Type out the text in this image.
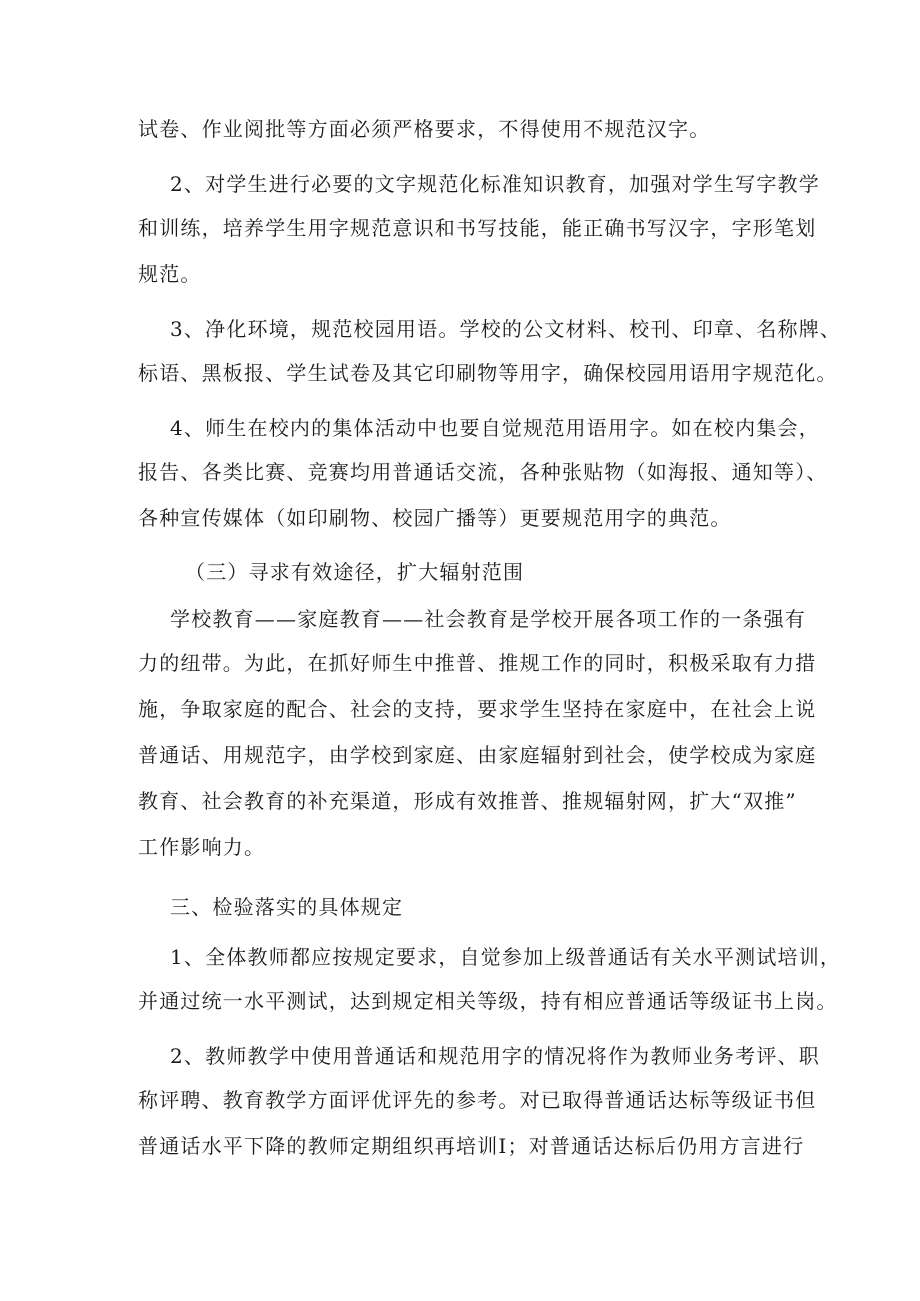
试卷、作业阅批等方面必须严格要求，不得使用不规范汉字。
2、对学生进行必要的文字规范化标准知识教育，加强对学生写字教学
和训练，培养学生用字规范意识和书写技能，能正确书写汉字，字形笔划
规范。
3、净化环境，规范校园用语。学校的公文材料、校刊、印章、名称牌、
标语、黑板报、学生试卷及其它印刷物等用字，确保校园用语用字规范化。
4、师生在校内的集体活动中也要自觉规范用语用字。如在校内集会，
报告、各类比赛、竞赛均用普通话交流，各种张贴物（如海报、通知等）、
各种宣传媒体（如印刷物、校园广播等）更要规范用字的典范。
（三）寻求有效途径，扩大辐射范围
学校教育——家庭教育——社会教育是学校开展各项工作的一条强有
力的纽带。为此，在抓好师生中推普、推规工作的同时，积极采取有力措
施，争取家庭的配合、社会的支持，要求学生坚持在家庭中，在社会上说
普通话、用规范字，由学校到家庭、由家庭辐射到社会，使学校成为家庭
教育、社会教育的补充渠道，形成有效推普、推规辐射网，扩大“双推”
工作影响力。
三、检验落实的具体规定
1、全体教师都应按规定要求，自觉参加上级普通话有关水平测试培训，
并通过统一水平测试，达到规定相关等级，持有相应普通话等级证书上岗。
2、教师教学中使用普通话和规范用字的情况将作为教师业务考评、职
称评聘、教育教学方面评优评先的参考。对已取得普通话达标等级证书但
普通话水平下降的教师定期组织再培训I；对普通话达标后仍用方言进行
